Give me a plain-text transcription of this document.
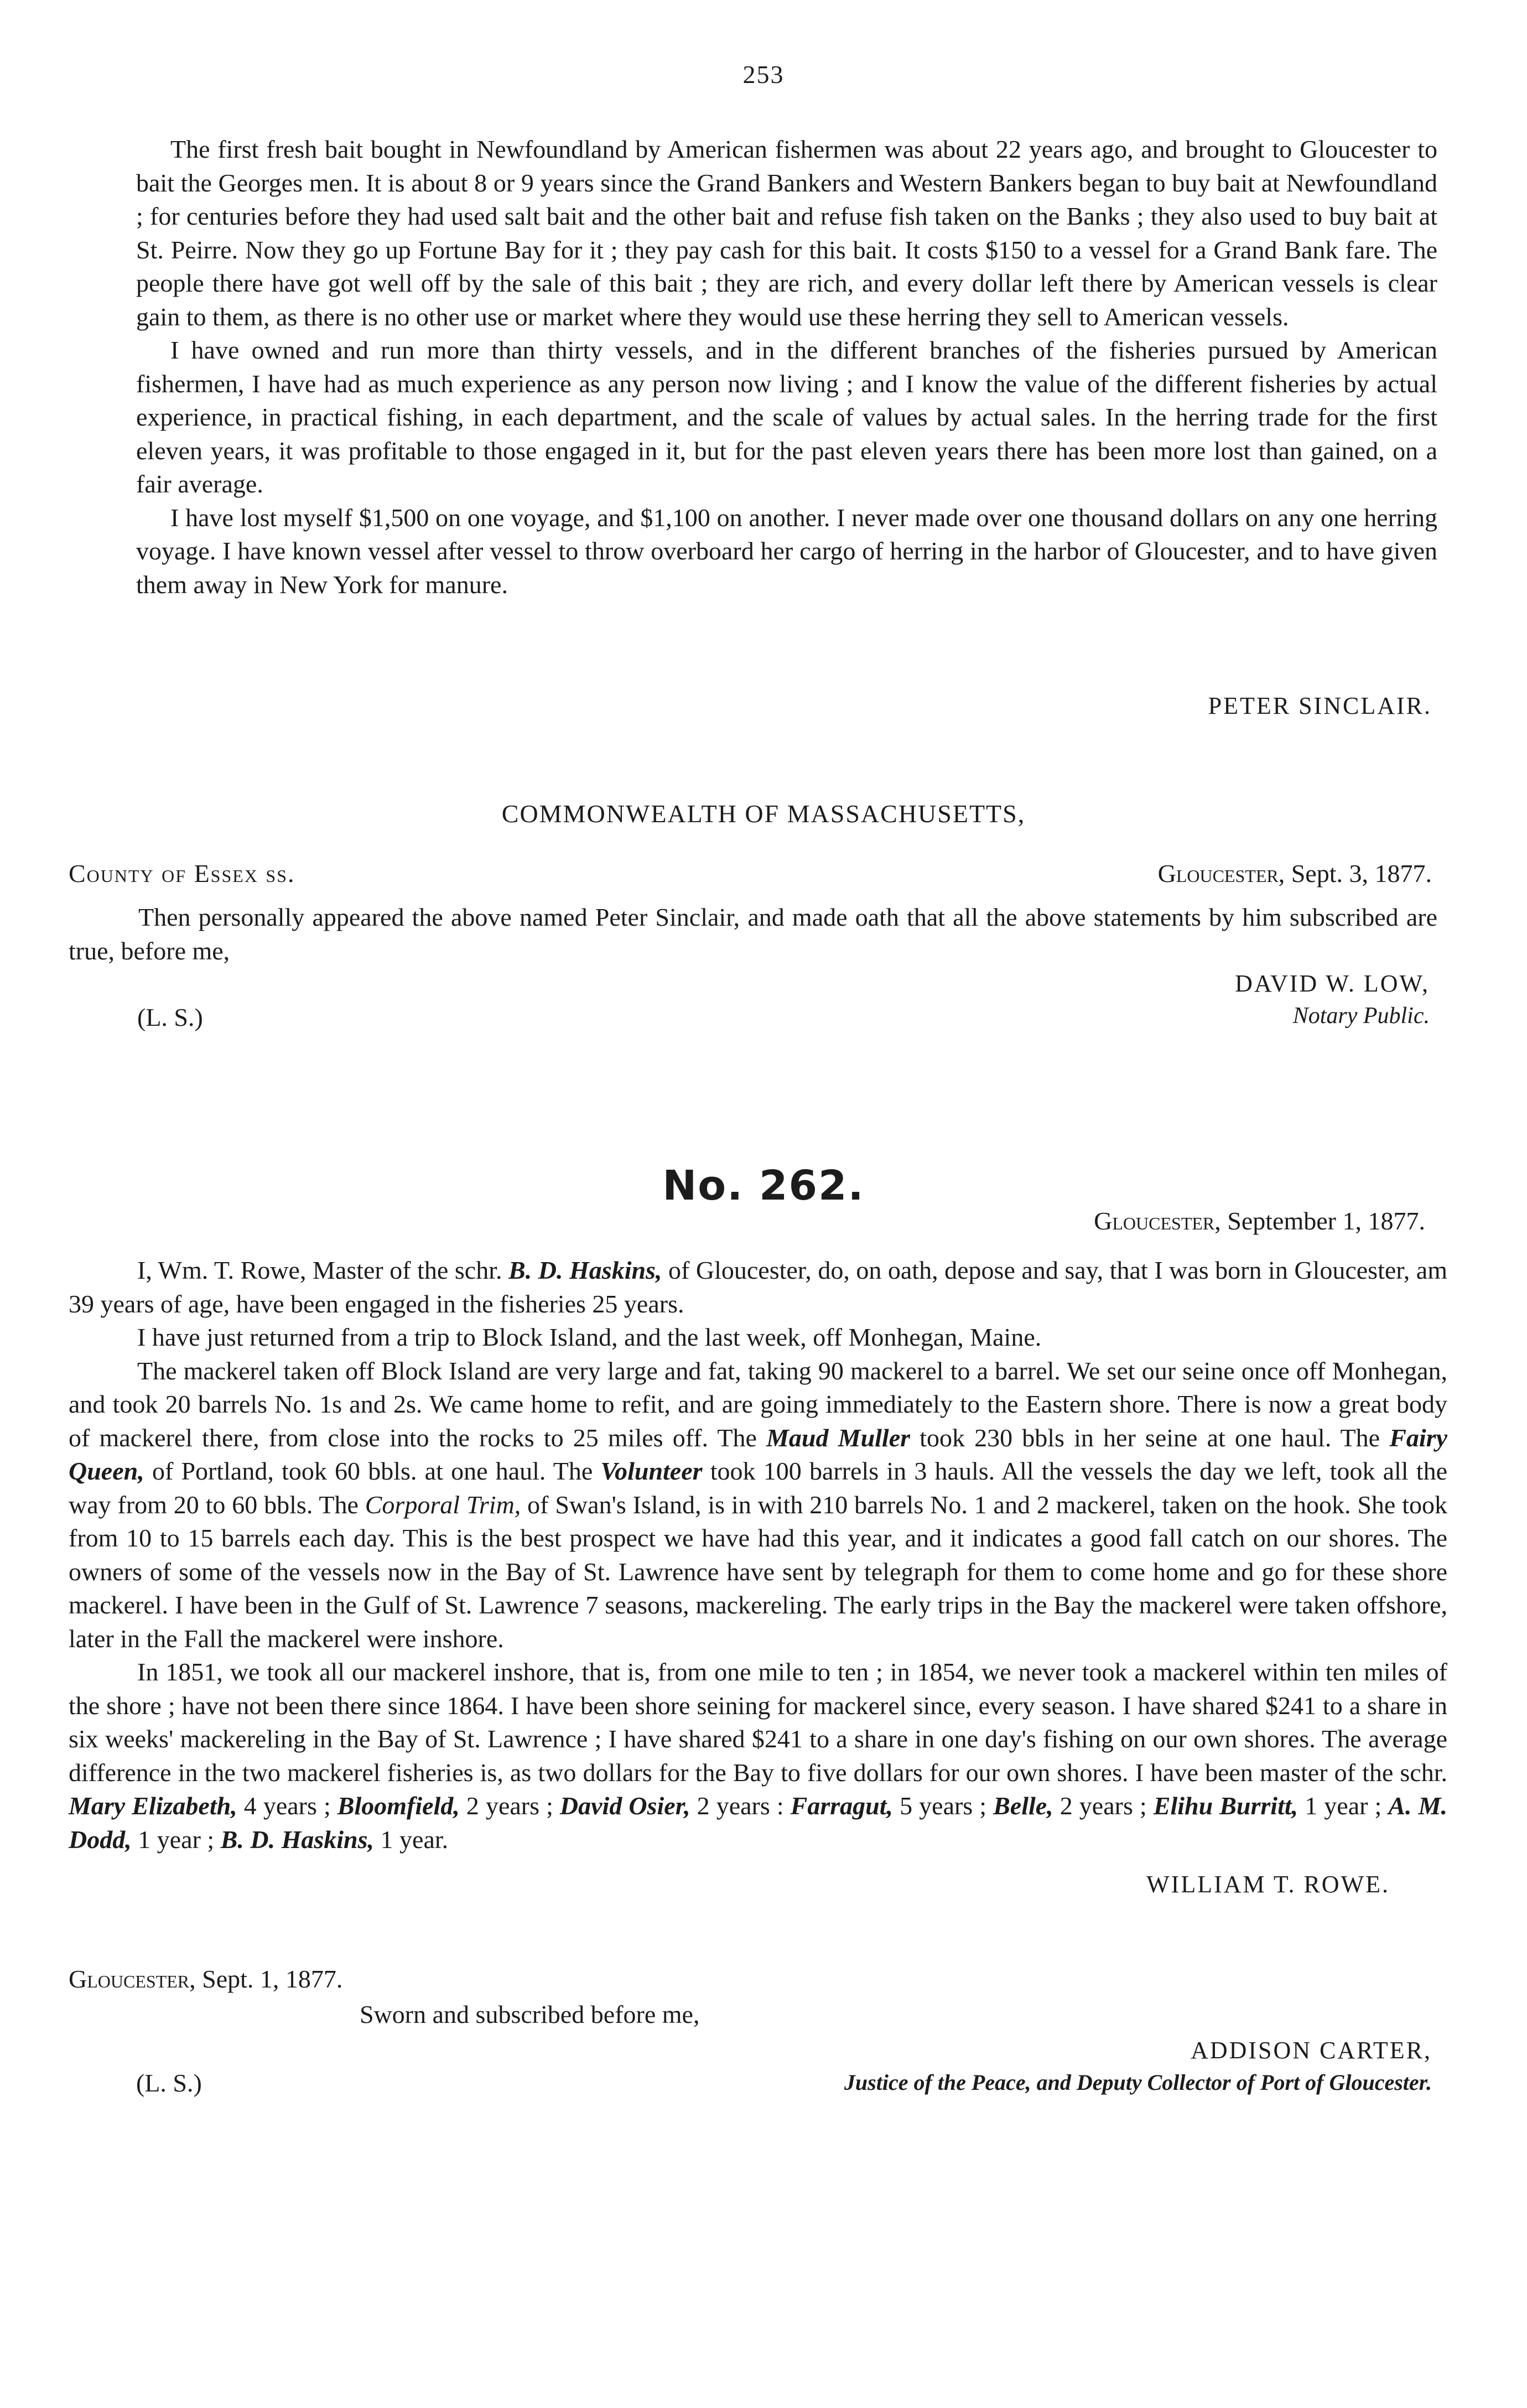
253

The first fresh bait bought in Newfoundland by American fishermen was about 22 years ago, and brought to Gloucester to bait the Georges men. It is about 8 or 9 years since the Grand Bankers and Western Bankers began to buy bait at Newfoundland ; for centuries before they had used salt bait and the other bait and refuse fish taken on the Banks ; they also used to buy bait at St. Peirre. Now they go up Fortune Bay for it ; they pay cash for this bait. It costs $150 to a vessel for a Grand Bank fare. The people there have got well off by the sale of this bait ; they are rich, and every dollar left there by American vessels is clear gain to them, as there is no other use or market where they would use these herring they sell to American vessels.

I have owned and run more than thirty vessels, and in the different branches of the fisheries pursued by American fishermen, I have had as much experience as any person now living ; and I know the value of the different fisheries by actual experience, in practical fishing, in each department, and the scale of values by actual sales. In the herring trade for the first eleven years, it was profitable to those engaged in it, but for the past eleven years there has been more lost than gained, on a fair average.

I have lost myself $1,500 on one voyage, and $1,100 on another. I never made over one thousand dollars on any one herring voyage. I have known vessel after vessel to throw overboard her cargo of herring in the harbor of Gloucester, and to have given them away in New York for manure.

PETER SINCLAIR.
COMMONWEALTH OF MASSACHUSETTS,
County of Essex ss.	Gloucester, Sept. 3, 1877.

Then personally appeared the above named Peter Sinclair, and made oath that all the above statements by him subscribed are true, before me,

DAVID W. LOW,
(L. S.)	Notary Public.
No. 262.
Gloucester, September 1, 1877.

I, Wm. T. Rowe, Master of the schr. B. D. Haskins, of Gloucester, do, on oath, depose and say, that I was born in Gloucester, am 39 years of age, have been engaged in the fisheries 25 years.

I have just returned from a trip to Block Island, and the last week, off Monhegan, Maine.

The mackerel taken off Block Island are very large and fat, taking 90 mackerel to a barrel. We set our seine once off Monhegan, and took 20 barrels No. 1s and 2s. We came home to refit, and are going immediately to the Eastern shore. There is now a great body of mackerel there, from close into the rocks to 25 miles off. The Maud Muller took 230 bbls in her seine at one haul. The Fairy Queen, of Portland, took 60 bbls. at one haul. The Volunteer took 100 barrels in 3 hauls. All the vessels the day we left, took all the way from 20 to 60 bbls. The Corporal Trim, of Swan's Island, is in with 210 barrels No. 1 and 2 mackerel, taken on the hook. She took from 10 to 15 barrels each day. This is the best prospect we have had this year, and it indicates a good fall catch on our shores. The owners of some of the vessels now in the Bay of St. Lawrence have sent by telegraph for them to come home and go for these shore mackerel. I have been in the Gulf of St. Lawrence 7 seasons, mackereling. The early trips in the Bay the mackerel were taken offshore, later in the Fall the mackerel were inshore.

In 1851, we took all our mackerel inshore, that is, from one mile to ten ; in 1854, we never took a mackerel within ten miles of the shore ; have not been there since 1864. I have been shore seining for mackerel since, every season. I have shared $241 to a share in six weeks' mackereling in the Bay of St. Lawrence ; I have shared $241 to a share in one day's fishing on our own shores. The average difference in the two mackerel fisheries is, as two dollars for the Bay to five dollars for our own shores. I have been master of the schr. Mary Elizabeth, 4 years ; Bloomfield, 2 years ; David Osier, 2 years : Farragut, 5 years ; Belle, 2 years ; Elihu Burritt, 1 year ; A. M. Dodd, 1 year ; B. D. Haskins, 1 year.

WILLIAM T. ROWE.
Gloucester, Sept. 1, 1877.
Sworn and subscribed before me,
ADDISON CARTER,
(L. S.)	Justice of the Peace, and Deputy Collector of Port of Gloucester.
